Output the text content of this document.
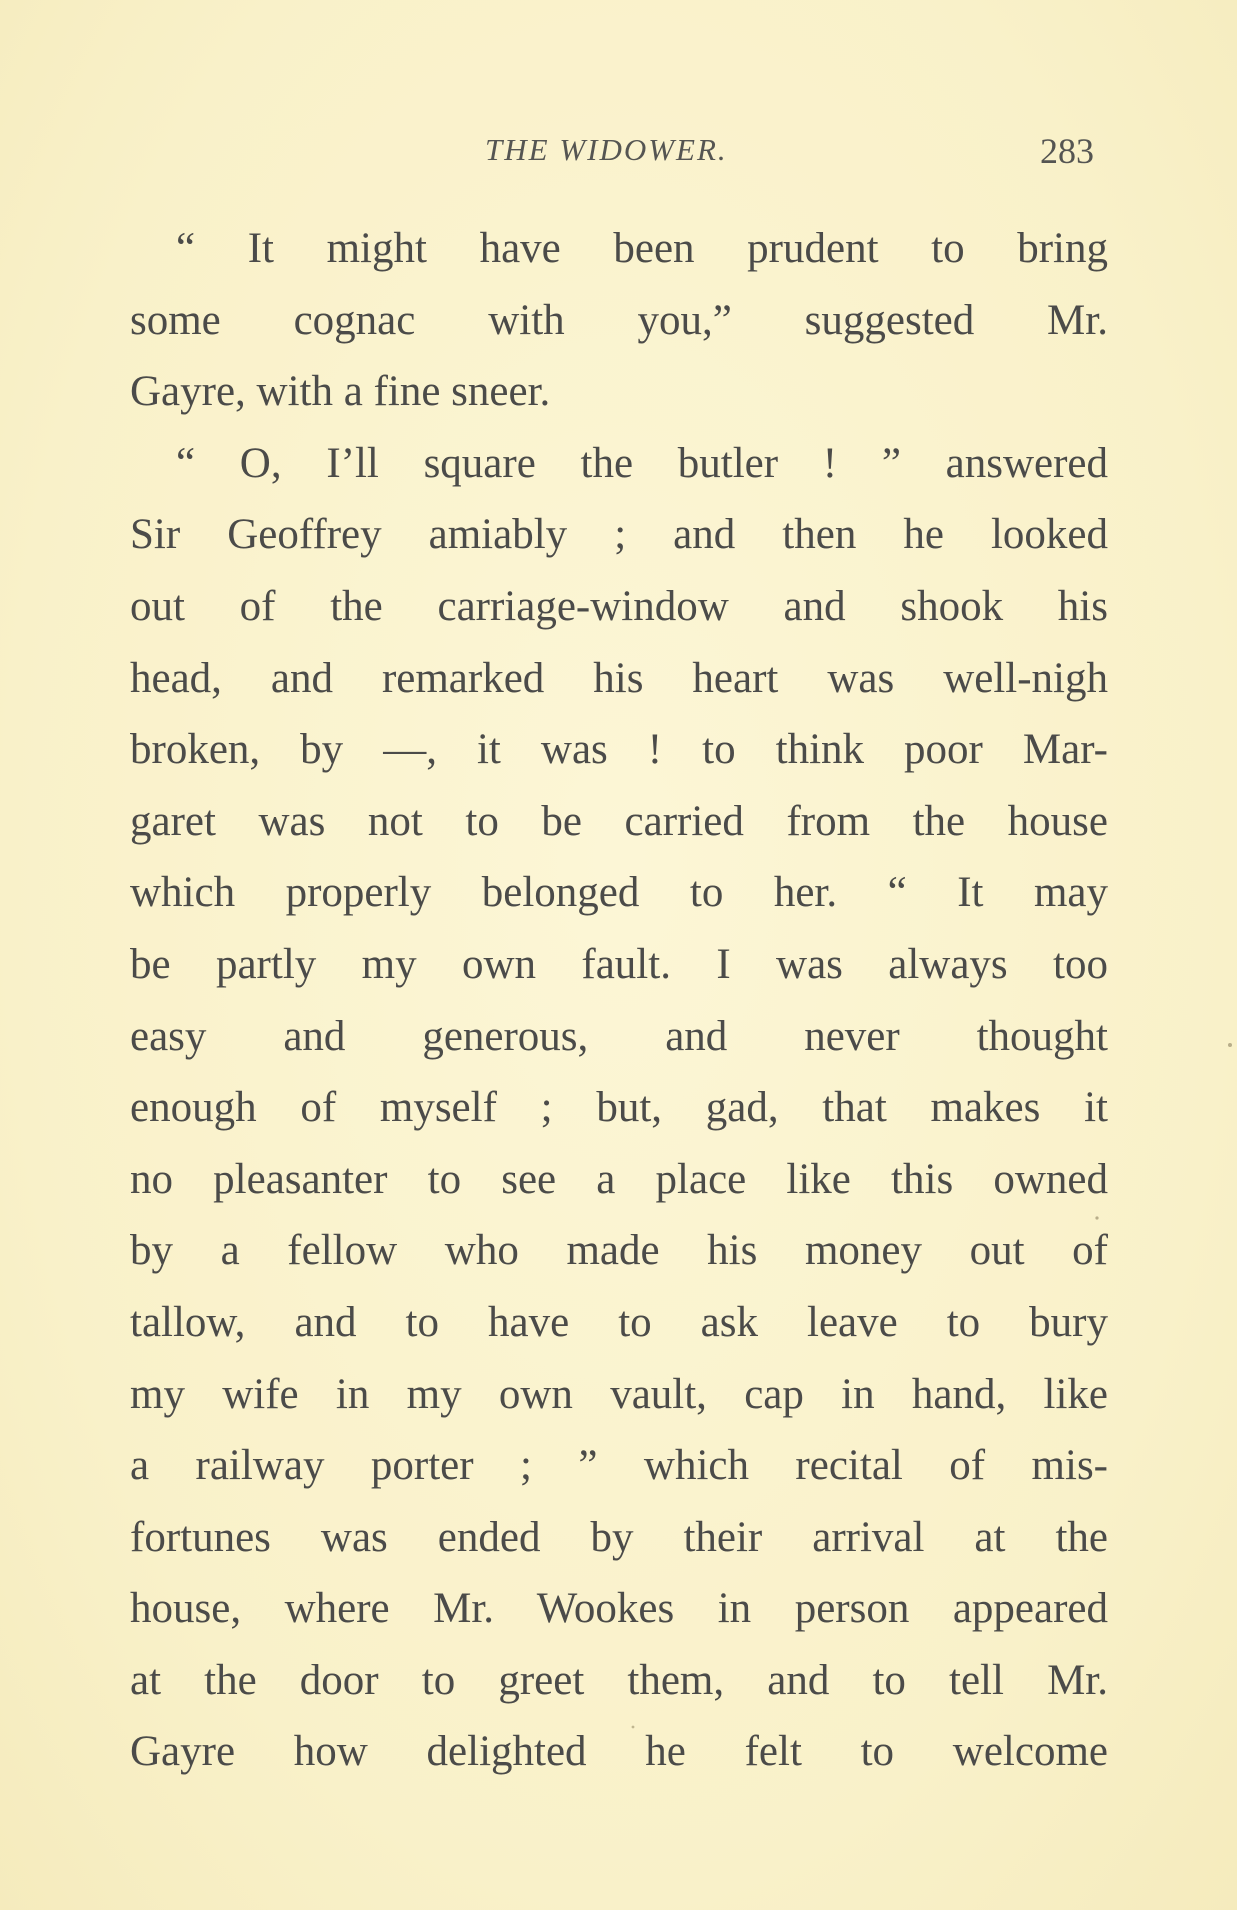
THE WIDOWER.	283
“ It might have been prudent to bring
some cognac with you,” suggested Mr.
Gayre, with a fine sneer.
“ O, I’ll square the butler ! ” answered
Sir Geoffrey amiably ; and then he looked
out of the carriage-window and shook his
head, and remarked his heart was well-nigh
broken, by —, it was ! to think poor Mar-
garet was not to be carried from the house
which properly belonged to her. “ It may
be partly my own fault. I was always too
easy and generous, and never thought
enough of myself ; but, gad, that makes it
no pleasanter to see a place like this owned
by a fellow who made his money out of
tallow, and to have to ask leave to bury
my wife in my own vault, cap in hand, like
a railway porter ; ” which recital of mis-
fortunes was ended by their arrival at the
house, where Mr. Wookes in person appeared
at the door to greet them, and to tell Mr.
Gayre how delighted he felt to welcome
